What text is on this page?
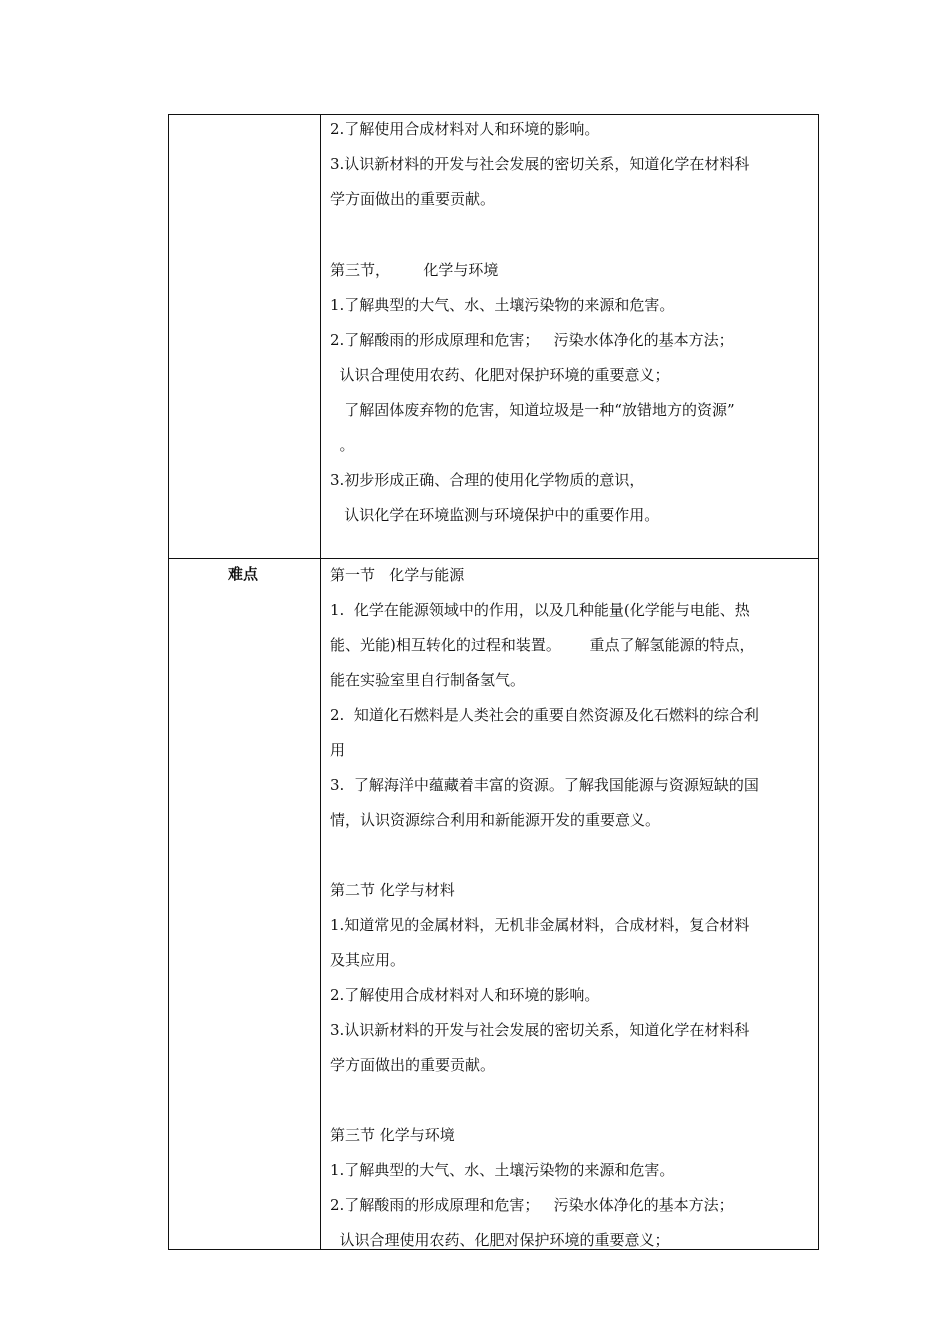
难点
2.了解使用合成材料对人和环境的影响。
3.认识新材料的开发与社会发展的密切关系，知道化学在材料科
学方面做出的重要贡献。
第三节，       化学与环境
1.了解典型的大气、水、土壤污染物的来源和危害。
2.了解酸雨的形成原理和危害；   污染水体净化的基本方法；
认识合理使用农药、化肥对保护环境的重要意义；
了解固体废弃物的危害，知道垃圾是一种“放错地方的资源”
。
3.初步形成正确、合理的使用化学物质的意识，
认识化学在环境监测与环境保护中的重要作用。
第一节   化学与能源
1.  化学在能源领域中的作用，以及几种能量(化学能与电能、热
能、光能)相互转化的过程和装置。      重点了解氢能源的特点，
能在实验室里自行制备氢气。
2.  知道化石燃料是人类社会的重要自然资源及化石燃料的综合利
用
3.  了解海洋中蕴藏着丰富的资源。了解我国能源与资源短缺的国
情，认识资源综合利用和新能源开发的重要意义。
第二节 化学与材料
1.知道常见的金属材料，无机非金属材料，合成材料，复合材料
及其应用。
2.了解使用合成材料对人和环境的影响。
3.认识新材料的开发与社会发展的密切关系，知道化学在材料科
学方面做出的重要贡献。
第三节 化学与环境
1.了解典型的大气、水、土壤污染物的来源和危害。
2.了解酸雨的形成原理和危害；   污染水体净化的基本方法；
认识合理使用农药、化肥对保护环境的重要意义；
